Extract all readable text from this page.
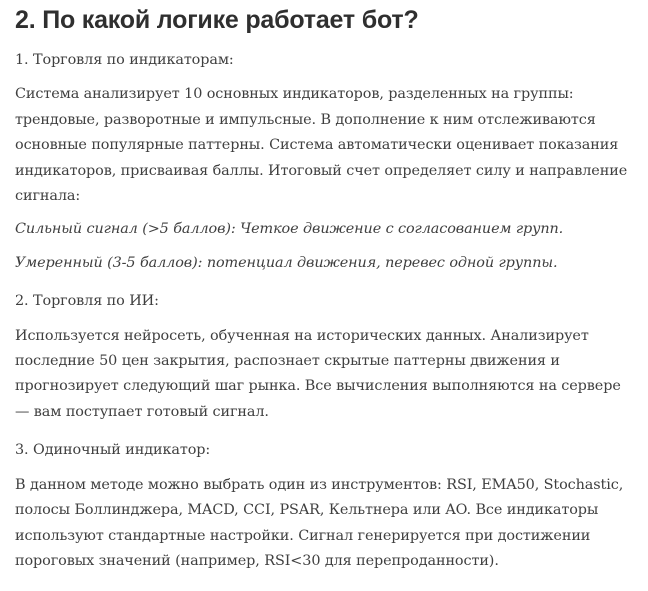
2. По какой логике работает бот?

1. Торговля по индикаторам:

Система анализирует 10 основных индикаторов, разделенных на группы: трендовые, разворотные и импульсные. В дополнение к ним отслеживаются основные популярные паттерны. Система автоматически оценивает показания индикаторов, присваивая баллы. Итоговый счет определяет силу и направление сигнала:

Сильный сигнал (>5 баллов): Четкое движение с согласованием групп.

Умеренный (3-5 баллов): потенциал движения, перевес одной группы.

2. Торговля по ИИ:

Используется нейросеть, обученная на исторических данных. Анализирует последние 50 цен закрытия, распознает скрытые паттерны движения и прогнозирует следующий шаг рынка. Все вычисления выполняются на сервере — вам поступает готовый сигнал.

3. Одиночный индикатор:

В данном методе можно выбрать один из инструментов: RSI, EMA50, Stochastic, полосы Боллинджера, MACD, CCI, PSAR, Кельтнера или AO. Все индикаторы используют стандартные настройки. Сигнал генерируется при достижении пороговых значений (например, RSI<30 для перепроданности).
